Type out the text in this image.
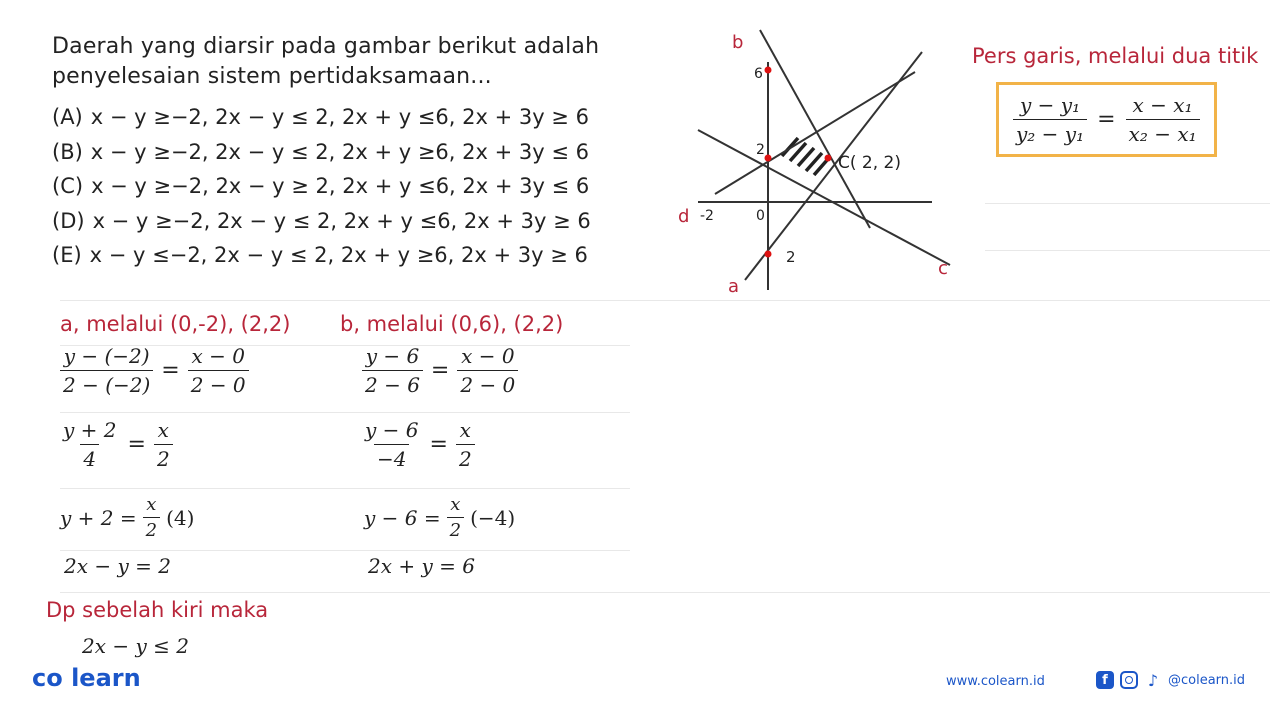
Daerah yang diarsir pada gambar berikut adalah
penyelesaian sistem pertidaksamaan...
(A) x − y ≥−2, 2x − y ≤ 2, 2x + y ≤6, 2x + 3y ≥ 6
(B) x − y ≥−2, 2x − y ≤ 2, 2x + y ≥6, 2x + 3y ≤ 6
(C) x − y ≥−2, 2x − y ≥ 2, 2x + y ≤6, 2x + 3y ≤ 6
(D) x − y ≥−2, 2x − y ≤ 2, 2x + y ≤6, 2x + 3y ≥ 6
(E) x − y ≤−2, 2x − y ≤ 2, 2x + y ≥6, 2x + 3y ≥ 6
b
6
2
C( 2, 2)
d -2	0
2
c
a
Pers garis, melalui dua titik
$\frac{\text{y − y₁}}{\text{y₂ − y₁}} = \frac{\text{x − x₁}}{\text{x₂ − x₁}}$
a, melalui (0,-2), (2,2)
$\frac{y - (-2)}{2 - (-2)} = \frac{x - 0}{2 - 0}$
$\frac{y + 2}{4} = \frac{x}{2}$
$y + 2 = \frac{x}{2} (4)$
2x − y = 2
b, melalui (0,6), (2,2)
$\frac{y - 6}{2 - 6} = \frac{x - 0}{2 - 0}$
$\frac{y - 6}{-4} = \frac{x}{2}$
$y - 6 = \frac{x}{2} (-4)$
2x + y = 6
Dp sebelah kiri maka
2x − y ≤ 2
co learn	www.colearn.id	f	♪ @colearn.id
